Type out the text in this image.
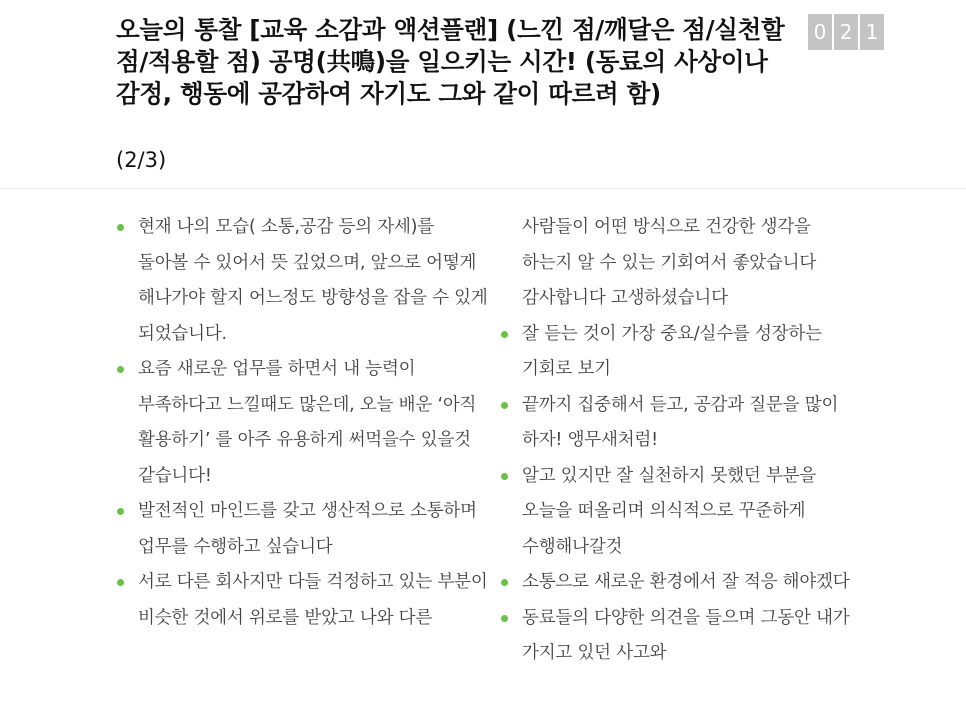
오늘의 통찰 [교육 소감과 액션플랜] (느낀 점/깨달은 점/실천할 점/적용할 점) 공명(共鳴)을 일으키는 시간! (동료의 사상이나 감정, 행동에 공감하여 자기도 그와 같이 따르려 함)
(2/3)
0 2 1
현재 나의 모습( 소통,공감 등의 자세)를 돌아볼 수 있어서 뜻 깊었으며, 앞으로 어떻게 해나가야 할지 어느정도 방향성을 잡을 수 있게 되었습니다.
요즘 새로운 업무를 하면서 내 능력이 부족하다고 느낄때도 많은데, 오늘 배운 ‘아직 활용하기’ 를 아주 유용하게 써먹을수 있을것 같습니다!
발전적인 마인드를 갖고 생산적으로 소통하며 업무를 수행하고 싶습니다
서로 다른 회사지만 다들 걱정하고 있는 부분이 비슷한 것에서 위로를 받았고 나와 다른
사람들이 어떤 방식으로 건강한 생각을 하는지 알 수 있는 기회여서 좋았습니다 감사합니다 고생하셨습니다
잘 듣는 것이 가장 중요/실수를 성장하는 기회로 보기
끝까지 집중해서 듣고, 공감과 질문을 많이 하자! 앵무새처럼!
알고 있지만 잘 실천하지 못했던 부분을 오늘을 떠올리며 의식적으로 꾸준하게 수행해나갈것
소통으로 새로운 환경에서 잘 적응 해야겠다
동료들의 다양한 의견을 들으며 그동안 내가 가지고 있던 사고와
